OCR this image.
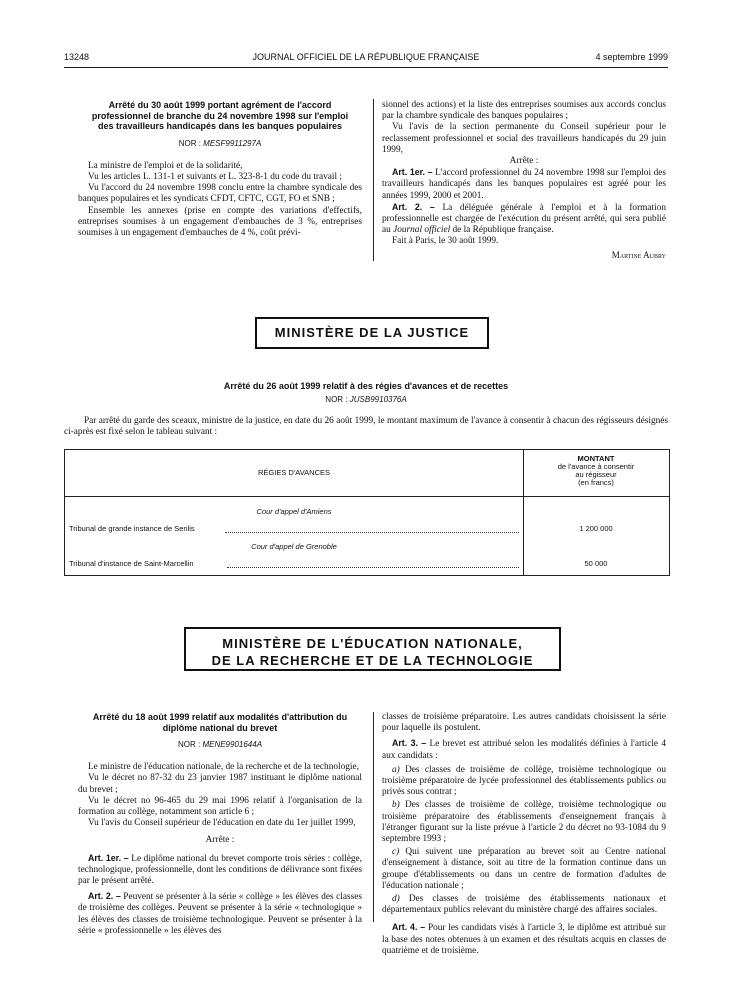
13248	JOURNAL OFFICIEL DE LA RÉPUBLIQUE FRANÇAISE	4 septembre 1999
Arrêté du 30 août 1999 portant agrément de l'accord professionnel de branche du 24 novembre 1998 sur l'emploi des travailleurs handicapés dans les banques populaires
NOR : MESF9911297A

La ministre de l'emploi et de la solidarité,

Vu les articles L. 131-1 et suivants et L. 323-8-1 du code du travail ;

Vu l'accord du 24 novembre 1998 conclu entre la chambre syndicale des banques populaires et les syndicats CFDT, CFTC, CGT, FO et SNB ;

Ensemble les annexes (prise en compte des variations d'effectifs, entreprises soumises à un engagement d'embauches de 3 %, entreprises soumises à un engagement d'embauches de 4 %, coût prévi-

sionnel des actions) et la liste des entreprises soumises aux accords conclus par la chambre syndicale des banques populaires ;

Vu l'avis de la section permanente du Conseil supérieur pour le reclassement professionnel et social des travailleurs handicapés du 29 juin 1999,

Arrête :

Art. 1er. – L'accord professionnel du 24 novembre 1998 sur l'emploi des travailleurs handicapés dans les banques populaires est agréé pour les années 1999, 2000 et 2001.

Art. 2. – La déléguée générale à l'emploi et à la formation professionnelle est chargée de l'exécution du présent arrêté, qui sera publié au Journal officiel de la République française.

Fait à Paris, le 30 août 1999.

Martine Aubry
MINISTÈRE DE LA JUSTICE
Arrêté du 26 août 1999 relatif à des régies d'avances et de recettes
NOR : JUSB9910376A
Par arrêté du garde des sceaux, ministre de la justice, en date du 26 août 1999, le montant maximum de l'avance à consentir à chacun des régisseurs désignés ci-après est fixé selon le tableau suivant :
RÉGIES D'AVANCES
MONTANT
de l'avance à consentir
au régisseur
(en francs)
Cour d'appel d'Amiens
Tribunal de grande instance de Senlis	1 200 000
Cour d'appel de Grenoble
Tribunal d'instance de Saint-Marcellin	50 000
MINISTÈRE DE L'ÉDUCATION NATIONALE,
DE LA RECHERCHE ET DE LA TECHNOLOGIE
Arrêté du 18 août 1999 relatif aux modalités d'attribution du diplôme national du brevet
NOR : MENE9901644A

Le ministre de l'éducation nationale, de la recherche et de la technologie,

Vu le décret no 87-32 du 23 janvier 1987 instituant le diplôme national du brevet ;

Vu le décret no 96-465 du 29 mai 1996 relatif à l'organisation de la formation au collège, notamment son article 6 ;

Vu l'avis du Conseil supérieur de l'éducation en date du 1er juillet 1999,

Arrête :

Art. 1er. – Le diplôme national du brevet comporte trois séries : collège, technologique, professionnelle, dont les conditions de délivrance sont fixées par le présent arrêté.

Art. 2. – Peuvent se présenter à la série « collège » les élèves des classes de troisième des collèges. Peuvent se présenter à la série « technologique » les élèves des classes de troisième technologique. Peuvent se présenter à la série « professionnelle » les élèves des

classes de troisième préparatoire. Les autres candidats choisissent la série pour laquelle ils postulent.

Art. 3. – Le brevet est attribué selon les modalités définies à l'article 4 aux candidats :

a) Des classes de troisième de collège, troisième technologique ou troisième préparatoire de lycée professionnel des établissements publics ou privés sous contrat ;

b) Des classes de troisième de collège, troisième technologique ou troisième préparatoire des établissements d'enseignement français à l'étranger figurant sur la liste prévue à l'article 2 du décret no 93-1084 du 9 septembre 1993 ;

c) Qui suivent une préparation au brevet soit au Centre national d'enseignement à distance, soit au titre de la formation continue dans un groupe d'établissements ou dans un centre de formation d'adultes de l'éducation nationale ;

d) Des classes de troisième des établissements nationaux et départementaux publics relevant du ministère chargé des affaires sociales.

Art. 4. – Pour les candidats visés à l'article 3, le diplôme est attribué sur la base des notes obtenues à un examen et des résultats acquis en classes de quatrième et de troisième.
